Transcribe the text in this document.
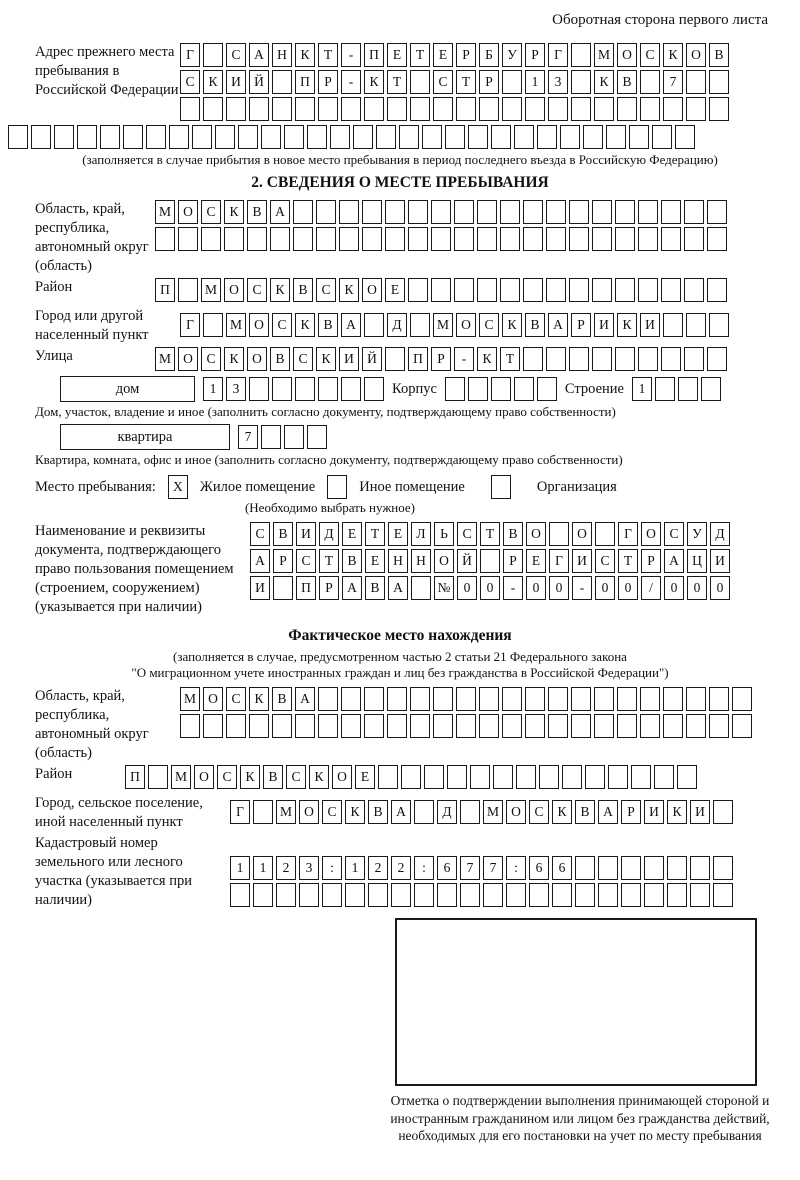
Оборотная сторона первого листа
Адрес прежнего места пребывания в Российской Федерации
Г	С	А Н	К	Т	-	П	Е	Т	Е	Р	Б	У	Р	Г	М О	С	К	О	В
С	К	И Й	П	Р	-	К	Т	С	Т	Р	1	3	К	В	7
(заполняется в случае прибытия в новое место пребывания в период последнего въезда в Российскую Федерацию)
2. СВЕДЕНИЯ О МЕСТЕ ПРЕБЫВАНИЯ
Область, край, республика, автономный округ (область)
М О	С	К	В	А
Район	П	М О	С	К	В	С	К	О	Е
Город или другой населенный пункт
Г	М О	С	К	В	А	Д	М О	С	К	В	А	Р	И	К	И
Улица	М О	С	К	О	В	С	К	И Й	П	Р	-	К	Т
дом	1	3	Корпус	Строение	1
Дом, участок, владение и иное (заполнить согласно документу, подтверждающему право собственности)
квартира	7
Квартира, комната, офис и иное (заполнить согласно документу, подтверждающему право собственности)
Место пребывания:	X	Жилое помещение	Иное помещение	Организация
(Необходимо выбрать нужное)
Наименование и реквизиты документа, подтверждающего право пользования помещением (строением, сооружением) (указывается при наличии)
С	В	И	Д	Е	Т	Е	Л	Ь	С	Т	В	О	О	Г	О	С	У	Д
А	Р	С	Т	В	Е	Н Н О Й	Р	Е	Г	И	С	Т	Р	А Ц И
И	П	Р	А	В	А	№ 0	0	-	0	0	-	0	0	/	0	0	0
Фактическое место нахождения
(заполняется в случае, предусмотренном частью 2 статьи 21 Федерального закона
"О миграционном учете иностранных граждан и лиц без гражданства в Российской Федерации")
Область, край, республика, автономный округ (область)
М О	С	К	В	А
Район	П	М О	С	К	В	С	К	О	Е
Город, сельское поселение, иной населенный пункт
Г	М О	С	К	В	А	Д	М О	С	К	В	А	Р	И	К	И
Кадастровый номер земельного или лесного участка (указывается при наличии)
1	1	2	3	:	1	2	2	:	6	7	7	:	6	6
Отметка о подтверждении выполнения принимающей стороной и иностранным гражданином или лицом без гражданства действий, необходимых для его постановки на учет по месту пребывания
